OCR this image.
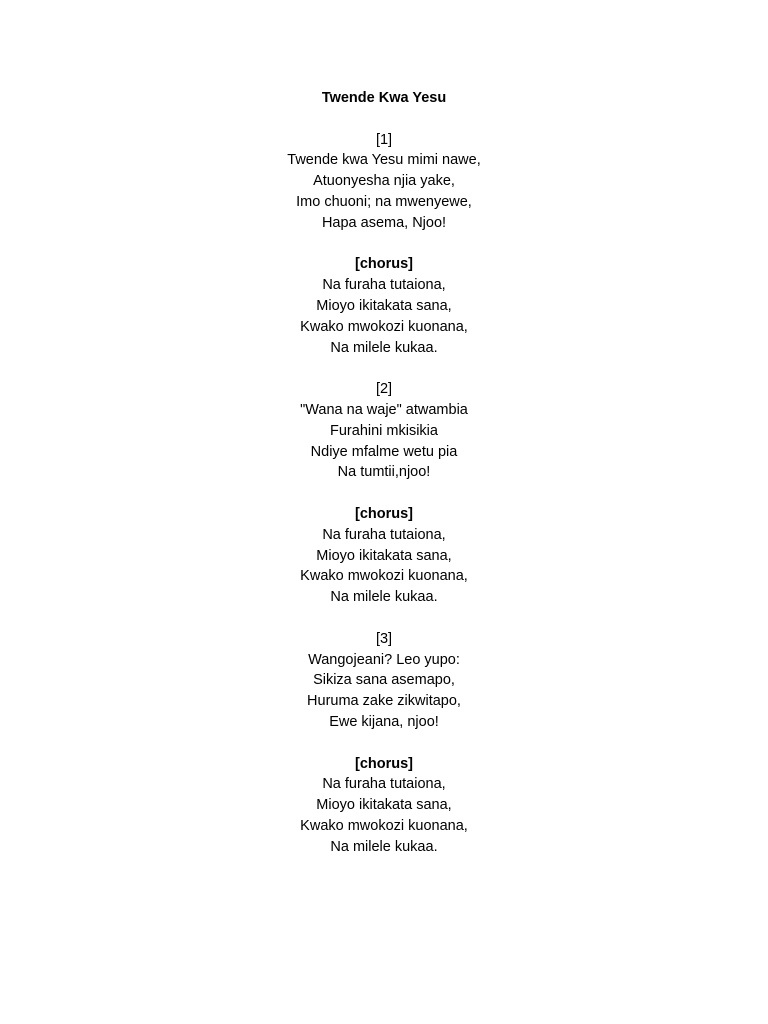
Twende Kwa Yesu
[1]
Twende kwa Yesu mimi nawe,
Atuonyesha njia yake,
Imo chuoni; na mwenyewe,
Hapa asema, Njoo!
[chorus]
Na furaha tutaiona,
Mioyo ikitakata sana,
Kwako mwokozi kuonana,
Na milele kukaa.
[2]
"Wana na waje" atwambia
Furahini mkisikia
Ndiye mfalme wetu pia
Na tumtii,njoo!
[chorus]
Na furaha tutaiona,
Mioyo ikitakata sana,
Kwako mwokozi kuonana,
Na milele kukaa.
[3]
Wangojeani? Leo yupo:
Sikiza sana asemapo,
Huruma zake zikwitapo,
Ewe kijana, njoo!
[chorus]
Na furaha tutaiona,
Mioyo ikitakata sana,
Kwako mwokozi kuonana,
Na milele kukaa.
